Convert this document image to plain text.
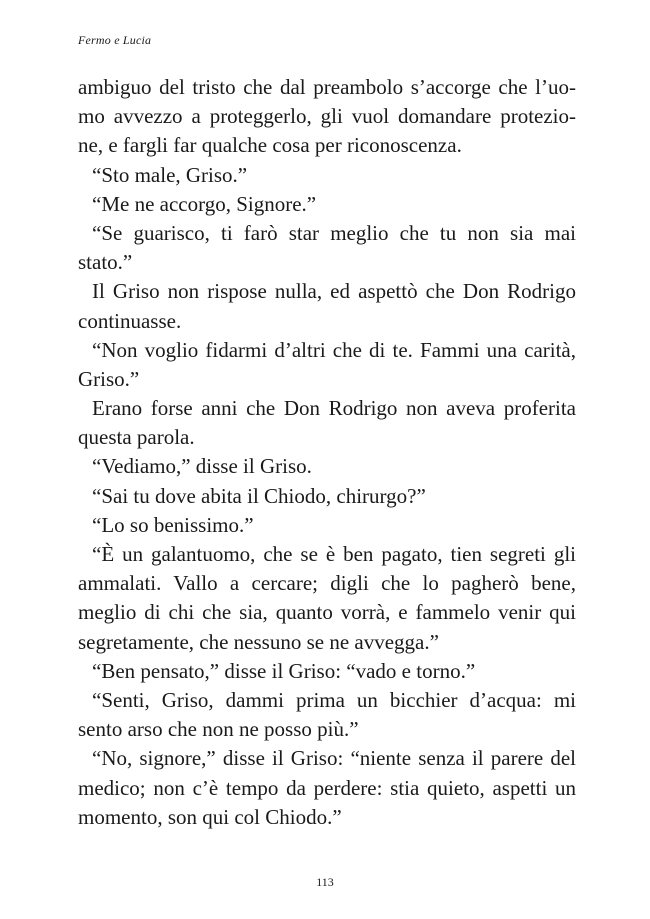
Fermo e Lucia
ambiguo del tristo che dal preambolo s’accorge che l’uo-
mo avvezzo a proteggerlo, gli vuol domandare protezio-
ne, e fargli far qualche cosa per riconoscenza.
“Sto male, Griso.”
“Me ne accorgo, Signore.”
“Se guarisco, ti farò star meglio che tu non sia mai
stato.”
Il Griso non rispose nulla, ed aspettò che Don Rodrigo
continuasse.
“Non voglio fidarmi d’altri che di te. Fammi una carità,
Griso.”
Erano forse anni che Don Rodrigo non aveva proferita
questa parola.
“Vediamo,” disse il Griso.
“Sai tu dove abita il Chiodo, chirurgo?”
“Lo so benissimo.”
“È un galantuomo, che se è ben pagato, tien segreti gli
ammalati. Vallo a cercare; digli che lo pagherò bene,
meglio di chi che sia, quanto vorrà, e fammelo venir qui
segretamente, che nessuno se ne avvegga.”
“Ben pensato,” disse il Griso: “vado e torno.”
“Senti, Griso, dammi prima un bicchier d’acqua: mi
sento arso che non ne posso più.”
“No, signore,” disse il Griso: “niente senza il parere del
medico; non c’è tempo da perdere: stia quieto, aspetti un
momento, son qui col Chiodo.”
113
